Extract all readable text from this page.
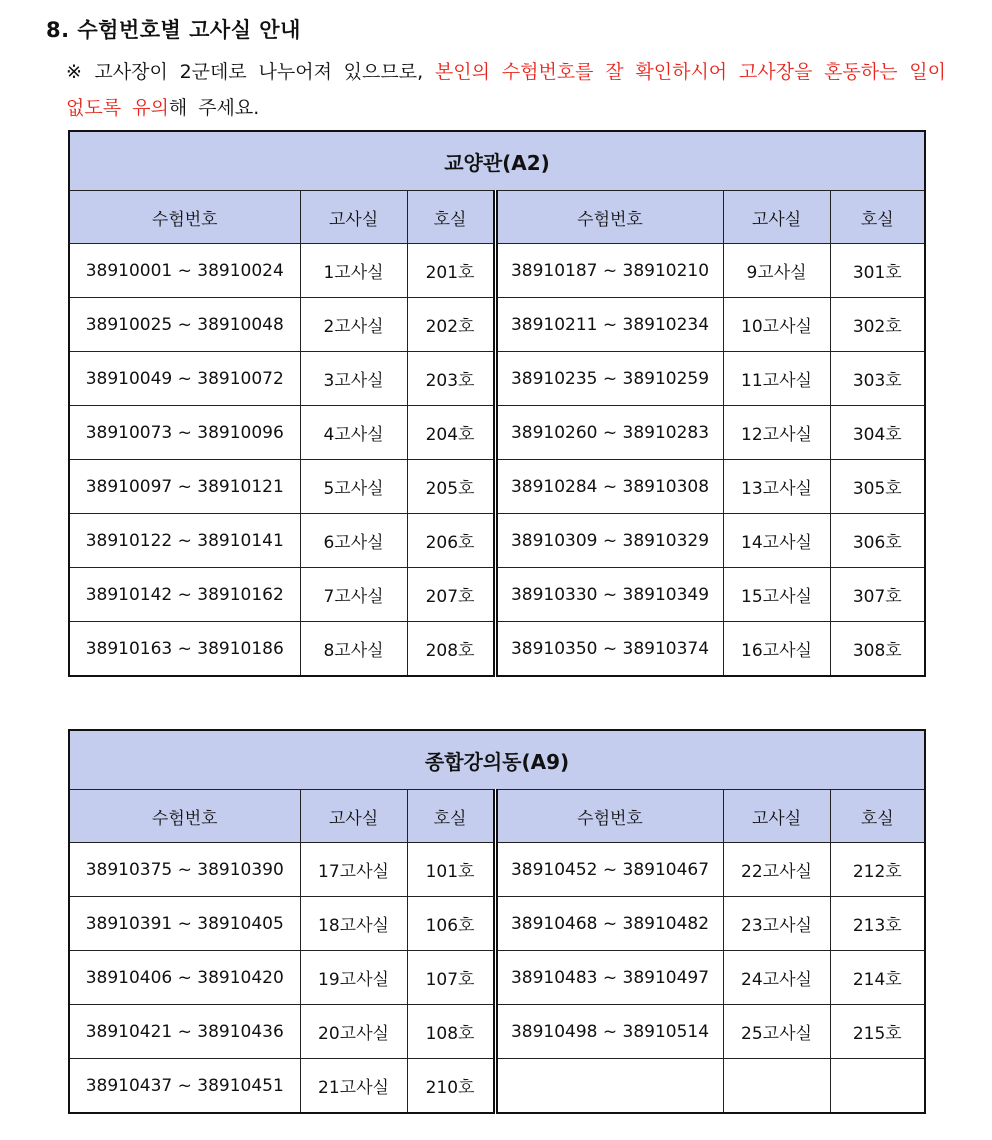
8. 수험번호별 고사실 안내
※ 고사장이 2군데로 나누어져 있으므로, 본인의 수험번호를 잘 확인하시어 고사장을 혼동하는 일이 없도록 유의해 주세요.
교양관(A2)					
수험번호	고사실	호실	수험번호	고사실	호실
38910001 ~ 38910024	1고사실	201호	38910187 ~ 38910210	9고사실	301호
38910025 ~ 38910048	2고사실	202호	38910211 ~ 38910234	10고사실	302호
38910049 ~ 38910072	3고사실	203호	38910235 ~ 38910259	11고사실	303호
38910073 ~ 38910096	4고사실	204호	38910260 ~ 38910283	12고사실	304호
38910097 ~ 38910121	5고사실	205호	38910284 ~ 38910308	13고사실	305호
38910122 ~ 38910141	6고사실	206호	38910309 ~ 38910329	14고사실	306호
38910142 ~ 38910162	7고사실	207호	38910330 ~ 38910349	15고사실	307호
38910163 ~ 38910186	8고사실	208호	38910350 ~ 38910374	16고사실	308호
종합강의동(A9)					
수험번호	고사실	호실	수험번호	고사실	호실
38910375 ~ 38910390	17고사실	101호	38910452 ~ 38910467	22고사실	212호
38910391 ~ 38910405	18고사실	106호	38910468 ~ 38910482	23고사실	213호
38910406 ~ 38910420	19고사실	107호	38910483 ~ 38910497	24고사실	214호
38910421 ~ 38910436	20고사실	108호	38910498 ~ 38910514	25고사실	215호
38910437 ~ 38910451	21고사실	210호			
